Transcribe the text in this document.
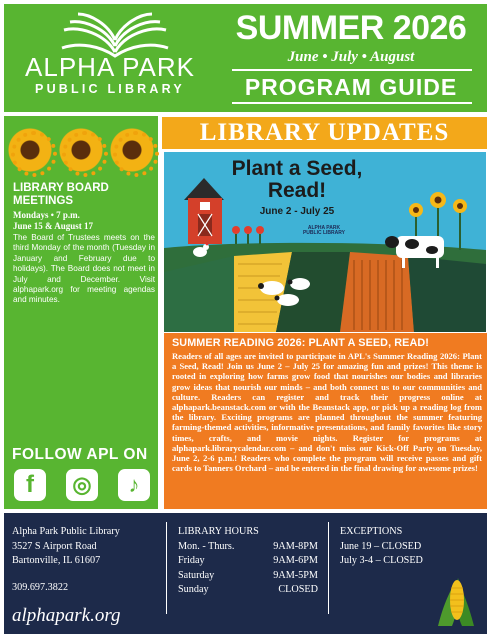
ALPHA PARK
PUBLIC LIBRARY
SUMMER 2026
June • July • August
PROGRAM GUIDE
LIBRARY BOARD MEETINGS
Mondays • 7 p.m.
June 15 & August 17
The Board of Trustees meets on the third Monday of the month (Tuesday in January and February due to holidays). The Board does not meet in July and December. Visit alphapark.org for meeting agendas and minutes.
FOLLOW APL ON
f	◎	♪
LIBRARY UPDATES
Plant a Seed, Read!
June 2 - July 25
ALPHA PARK
PUBLIC LIBRARY
SUMMER READING 2026: PLANT A SEED, READ!
Readers of all ages are invited to participate in APL's Summer Reading 2026: Plant a Seed, Read! Join us June 2 – July 25 for amazing fun and prizes! This theme is rooted in exploring how farms grow food that nourishes our bodies and libraries grow ideas that nourish our minds – and both connect us to our communities and culture. Readers can register and track their progress online at alphapark.beanstack.com or with the Beanstack app, or pick up a reading log from the library. Exciting programs are planned throughout the summer featuring farming-themed activities, informative presentations, and family favorites like story times, crafts, and movie nights. Register for programs at alphapark.librarycalendar.com – and don't miss our Kick-Off Party on Tuesday, June 2, 2-6 p.m.! Readers who complete the program will receive passes and gift cards to Tanners Orchard – and be entered in the final drawing for awesome prizes!
Alpha Park Public Library
3527 S Airport Road
Bartonville, IL 61607
309.697.3822
alphapark.org
LIBRARY HOURS
Mon. - Thurs.	9AM-8PM
Friday	9AM-6PM
Saturday	9AM-5PM
Sunday	CLOSED
EXCEPTIONS
June 19 – CLOSED
July 3-4 – CLOSED
